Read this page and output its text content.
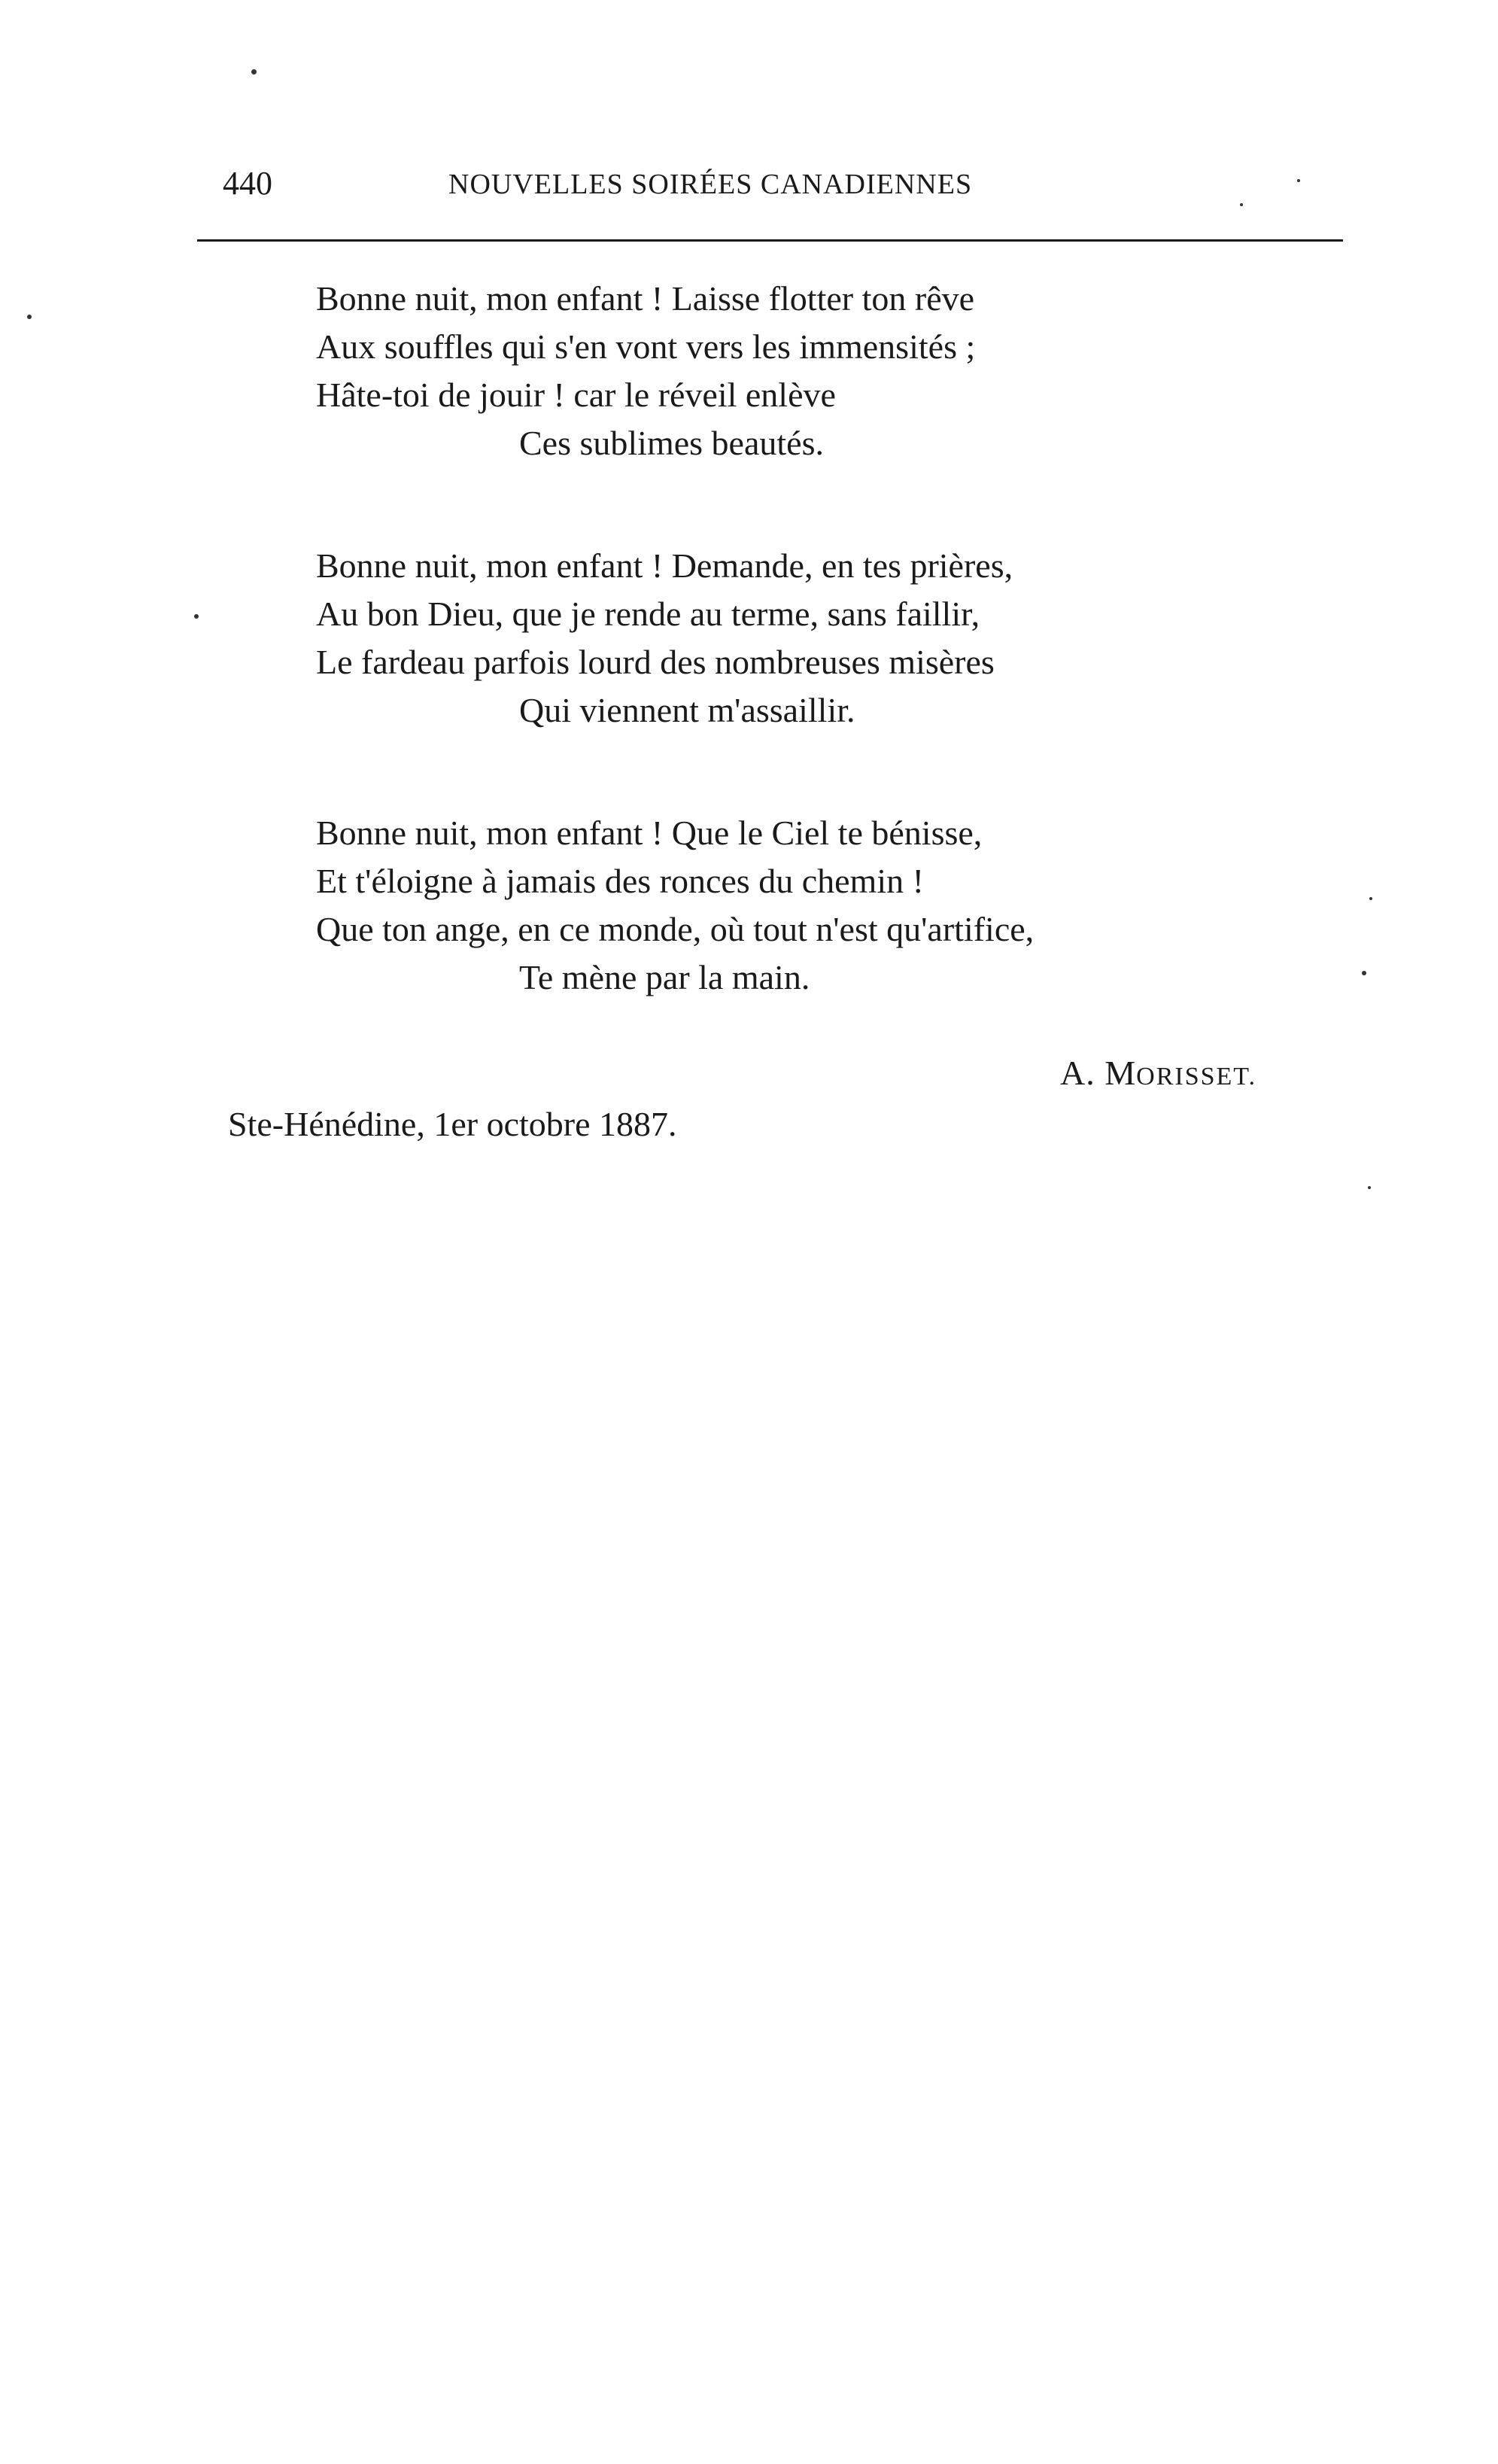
440	NOUVELLES SOIRÉES CANADIENNES
Bonne nuit, mon enfant ! Laisse flotter ton rêve
Aux souffles qui s'en vont vers les immensités ;
Hâte-toi de jouir ! car le réveil enlève
Ces sublimes beautés.
Bonne nuit, mon enfant ! Demande, en tes prières,
Au bon Dieu, que je rende au terme, sans faillir,
Le fardeau parfois lourd des nombreuses misères
Qui viennent m'assaillir.
Bonne nuit, mon enfant ! Que le Ciel te bénisse,
Et t'éloigne à jamais des ronces du chemin !
Que ton ange, en ce monde, où tout n'est qu'artifice,
Te mène par la main.
A. MORISSET.
Ste-Hénédine, 1er octobre 1887.
